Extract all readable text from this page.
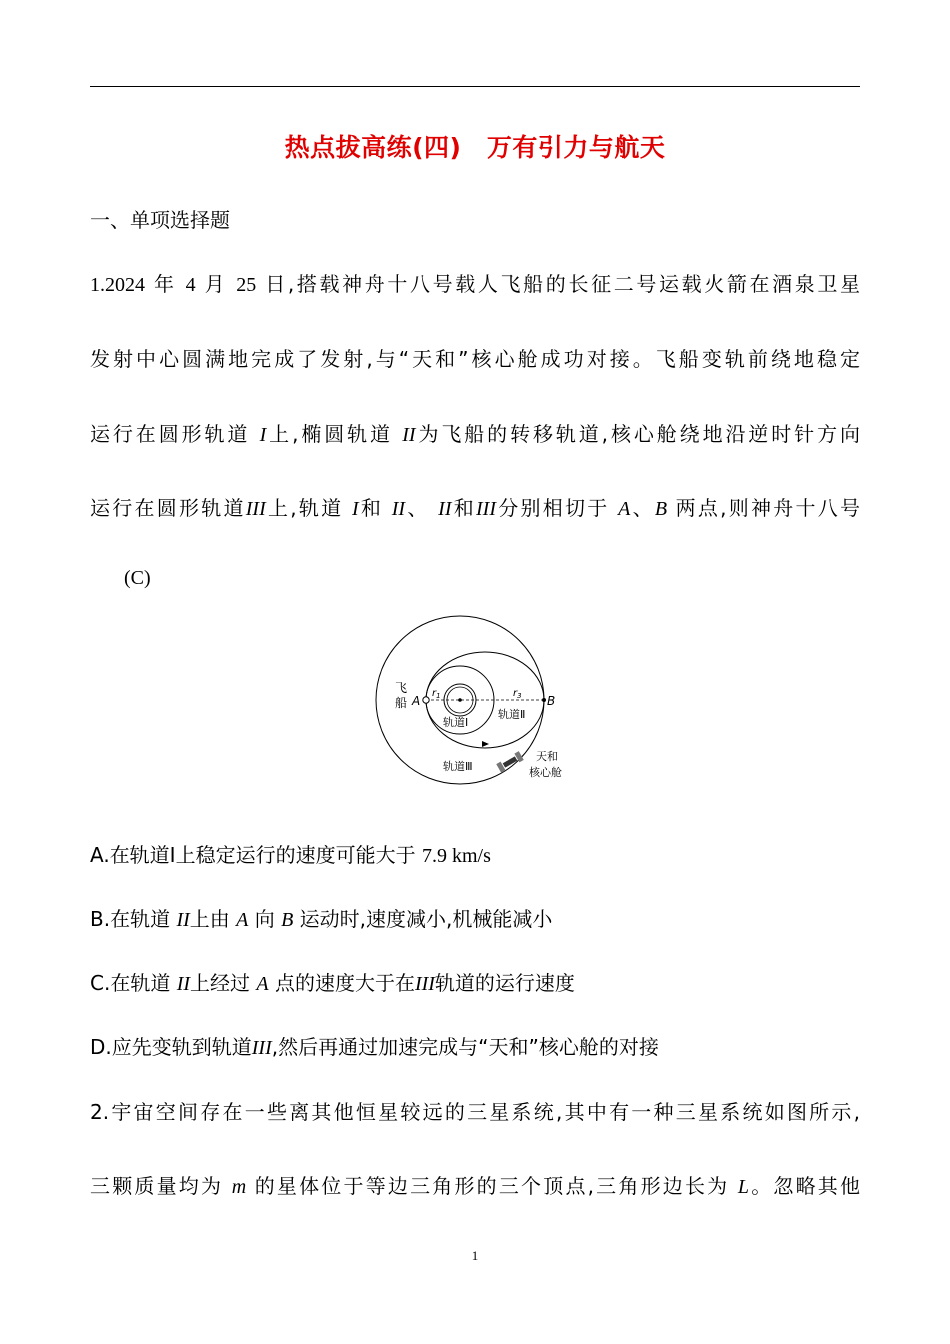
热点拔高练(四)　万有引力与航天
一、单项选择题
1.2024 年 4 月 25 日,搭载神舟十八号载人飞船的长征二号运载火箭在酒泉卫星
发射中心圆满地完成了发射,与“天和”核心舱成功对接。飞船变轨前绕地稳定
运行在圆形轨道 I上,椭圆轨道 II为飞船的转移轨道,核心舱绕地沿逆时针方向
运行在圆形轨道III上,轨道 I和 II、 II和III分别相切于 A、B 两点,则神舟十八号
(C)
飞
船 A	B
$r_1$	$r_3$
轨道Ⅰ
轨道Ⅱ
轨道Ⅲ
天和
核心舱
A.在轨道Ⅰ上稳定运行的速度可能大于 7.9 km/s
B.在轨道 II上由 A 向 B 运动时,速度减小,机械能减小
C.在轨道 II上经过 A 点的速度大于在III轨道的运行速度
D.应先变轨到轨道III,然后再通过加速完成与“天和”核心舱的对接
2.宇宙空间存在一些离其他恒星较远的三星系统,其中有一种三星系统如图所示,
三颗质量均为 m 的星体位于等边三角形的三个顶点,三角形边长为 L。忽略其他
1
